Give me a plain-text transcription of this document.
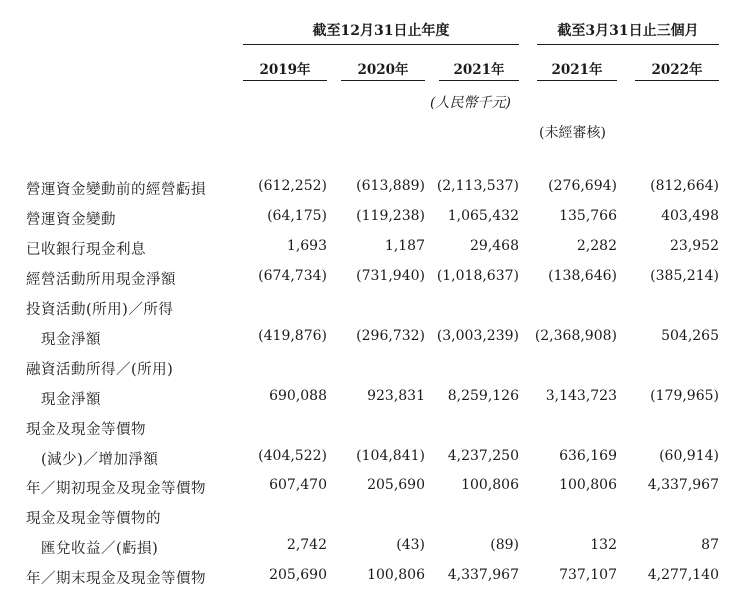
截至12月31日止年度	截至3月31日止三個月
2019年	2020年	2021年	2021年	2022年
(人民幣千元)
(未經審核)
營運資金變動前的經營虧損	(612,252) (613,889) (2,113,537) (276,694) (812,664)
營運資金變動	(64,175) (119,238) 1,065,432	135,766	403,498
已收銀行現金利息	1,693	1,187	29,468	2,282	23,952
經營活動所用現金淨額	(674,734) (731,940) (1,018,637) (138,646) (385,214)
投資活動(所用)／所得
　現金淨額	(419,876) (296,732) (3,003,239) (2,368,908)	504,265
融資活動所得／(所用)
　現金淨額	690,088	923,831 8,259,126 3,143,723 (179,965)
現金及現金等價物
　(減少)／增加淨額	(404,522) (104,841) 4,237,250	636,169	(60,914)
年／期初現金及現金等價物	607,470	205,690	100,806	100,806 4,337,967
現金及現金等價物的
　匯兌收益／(虧損)	2,742	(43)	(89)	132	87
年／期末現金及現金等價物	205,690	100,806 4,337,967	737,107 4,277,140
